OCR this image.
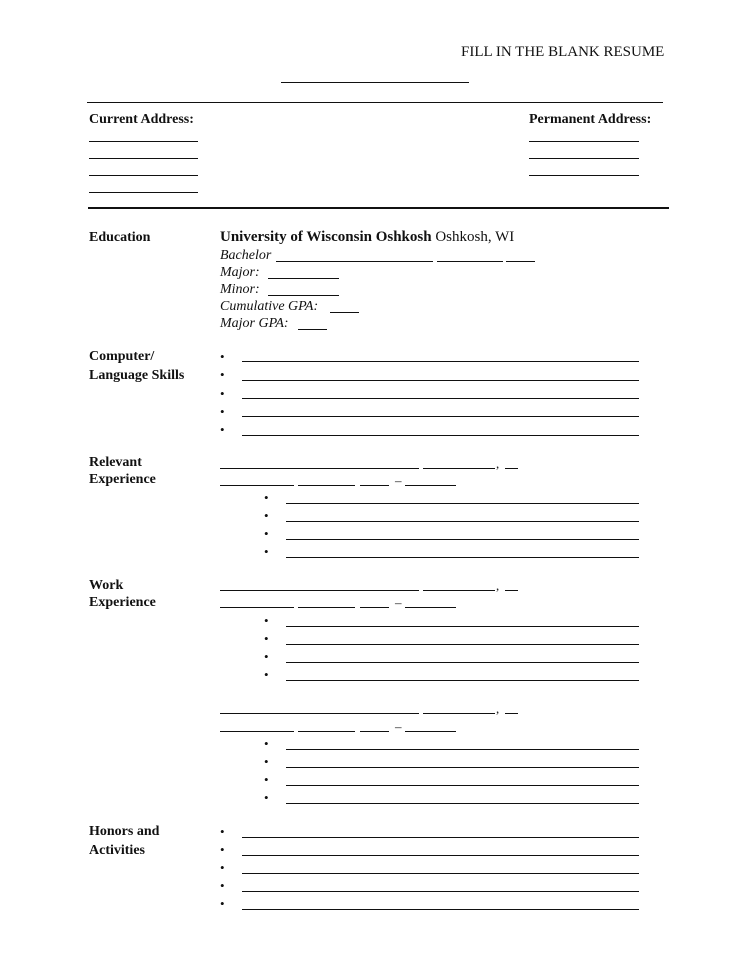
FILL IN THE BLANK RESUME
Current Address:	Permanent Address:
Education	University of Wisconsin Oshkosh Oshkosh, WI
Bachelor
Major:
Minor:
Cumulative GPA:
Major GPA:
Computer/
Language Skills
•
•
•
•
•
Relevant
Experience
,
–
•
•
•
•
Work
Experience
,
–
•
•
•
•
,
–
•
•
•
•
Honors and
Activities
•
•
•
•
•
